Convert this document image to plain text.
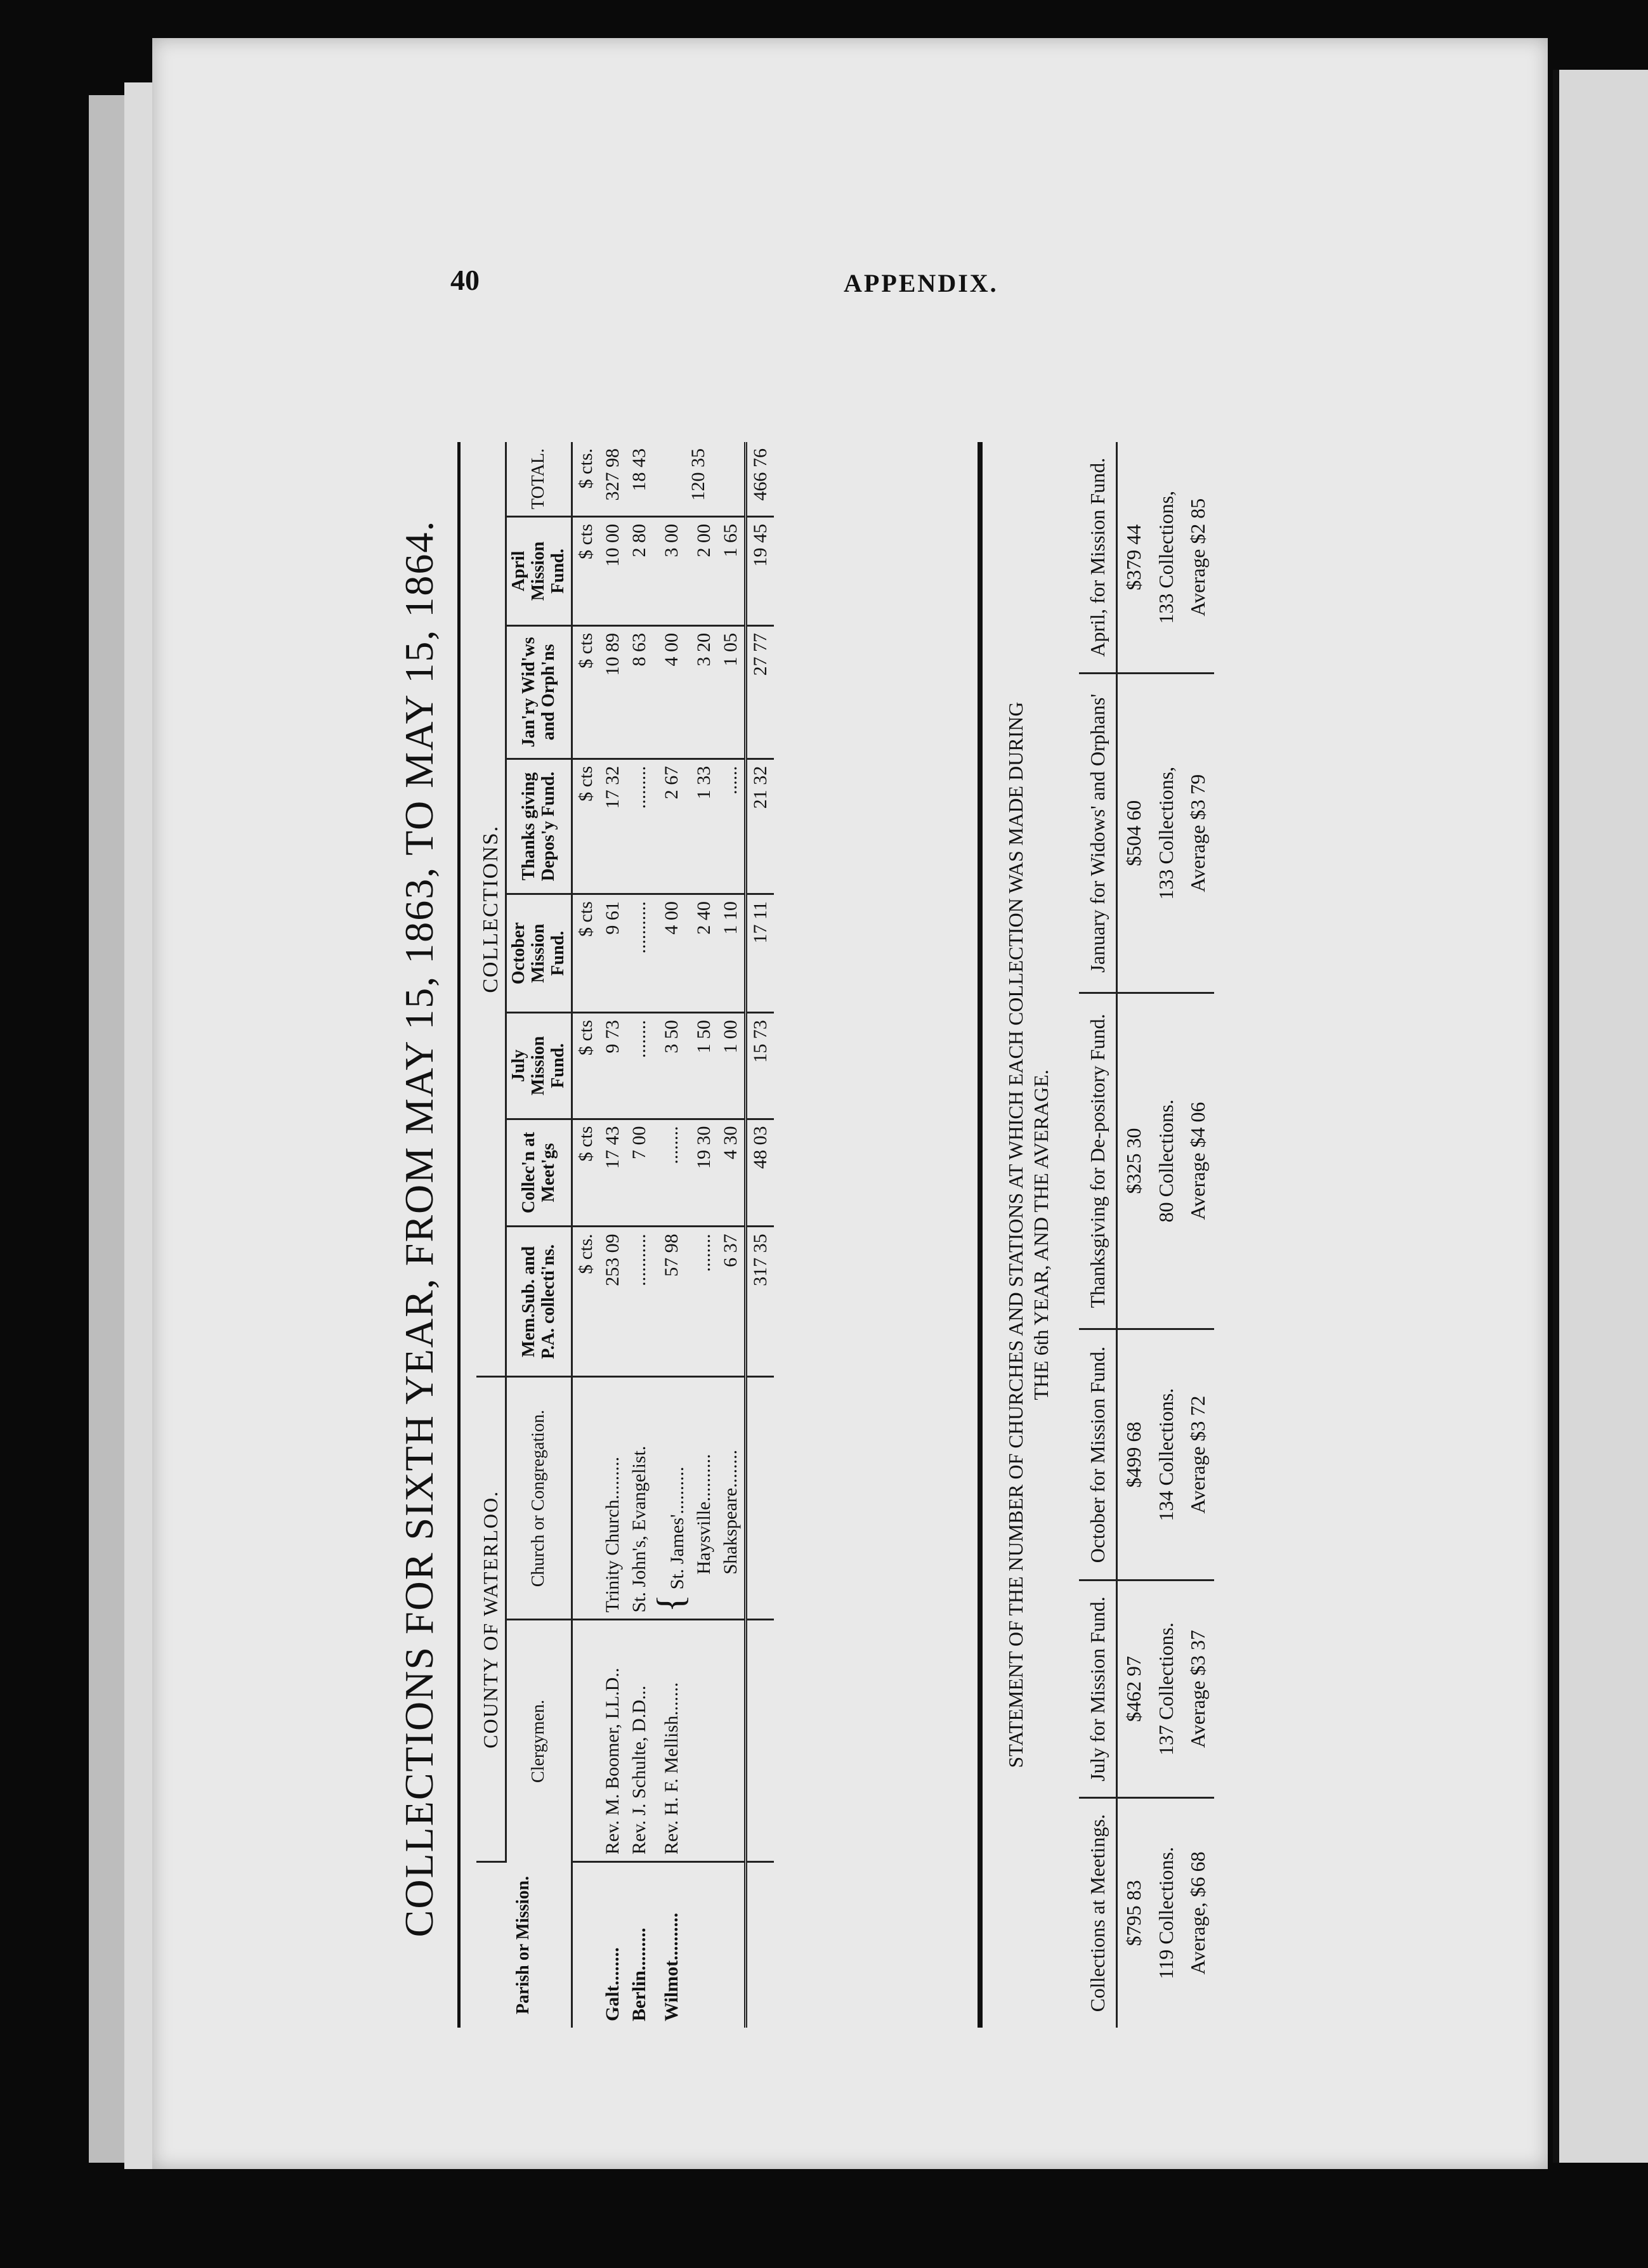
40	APPENDIX.
COLLECTIONS FOR SIXTH YEAR, FROM MAY 15, 1863, TO MAY 15, 1864.
Parish or Mission.	COUNTY OF WATERLOO.		COLLECTIONS.							
	Clergymen.	Church or Congregation.	Mem.Sub. and P.A. collecti'ns.	Collec'n at Meet'gs	July Mission Fund.	October Mission Fund.	Thanks giving Depos'y Fund.	Jan'ry Wid'ws and Orph'ns	April Mission Fund.	TOTAL.
			$ cts.	$ cts	$ cts	$ cts	$ cts	$ cts	$ cts	$ cts.
Galt........	Rev. M. Boomer, LL.D..	Trinity Church.........	253 09	17 43	9 73	9 61	17 32	10 89	10 00	327 98
Berlin.........	Rev. J. Schulte, D.D...	St. John's, Evangelist.	...........	7 00	........	...........	.........	8 63	2 80	18 43
Wilmot..........	Rev. H. F. Mellish.......	{ St. James'..........	57 98	........	3 50	4 00	2 67	4 00	3 00	120 35
		Haysville..........	........	19 30	1 50	2 40	1 33	3 20	2 00	
		Shakspeare........	6 37	4 30	1 00	1 10	......	1 05	1 65	
			317 35	48 03	15 73	17 11	21 32	27 77	19 45	466 76
STATEMENT OF THE NUMBER OF CHURCHES AND STATIONS AT WHICH EACH COLLECTION WAS MADE DURING THE 6th YEAR, AND THE AVERAGE.
Collections at Meetings.	July for Mission Fund.	October for Mission Fund.	Thanksgiving for De-pository Fund.	January for Widows' and Orphans'	April, for Mission Fund.
$795 83	$462 97	$499 68	$325 30	$504 60	$379 44
119 Collections.	137 Collections.	134 Collections.	80 Collections.	133 Collections,	133 Collections,
Average, $6 68	Average $3 37	Average $3 72	Average $4 06	Average $3 79	Average $2 85
